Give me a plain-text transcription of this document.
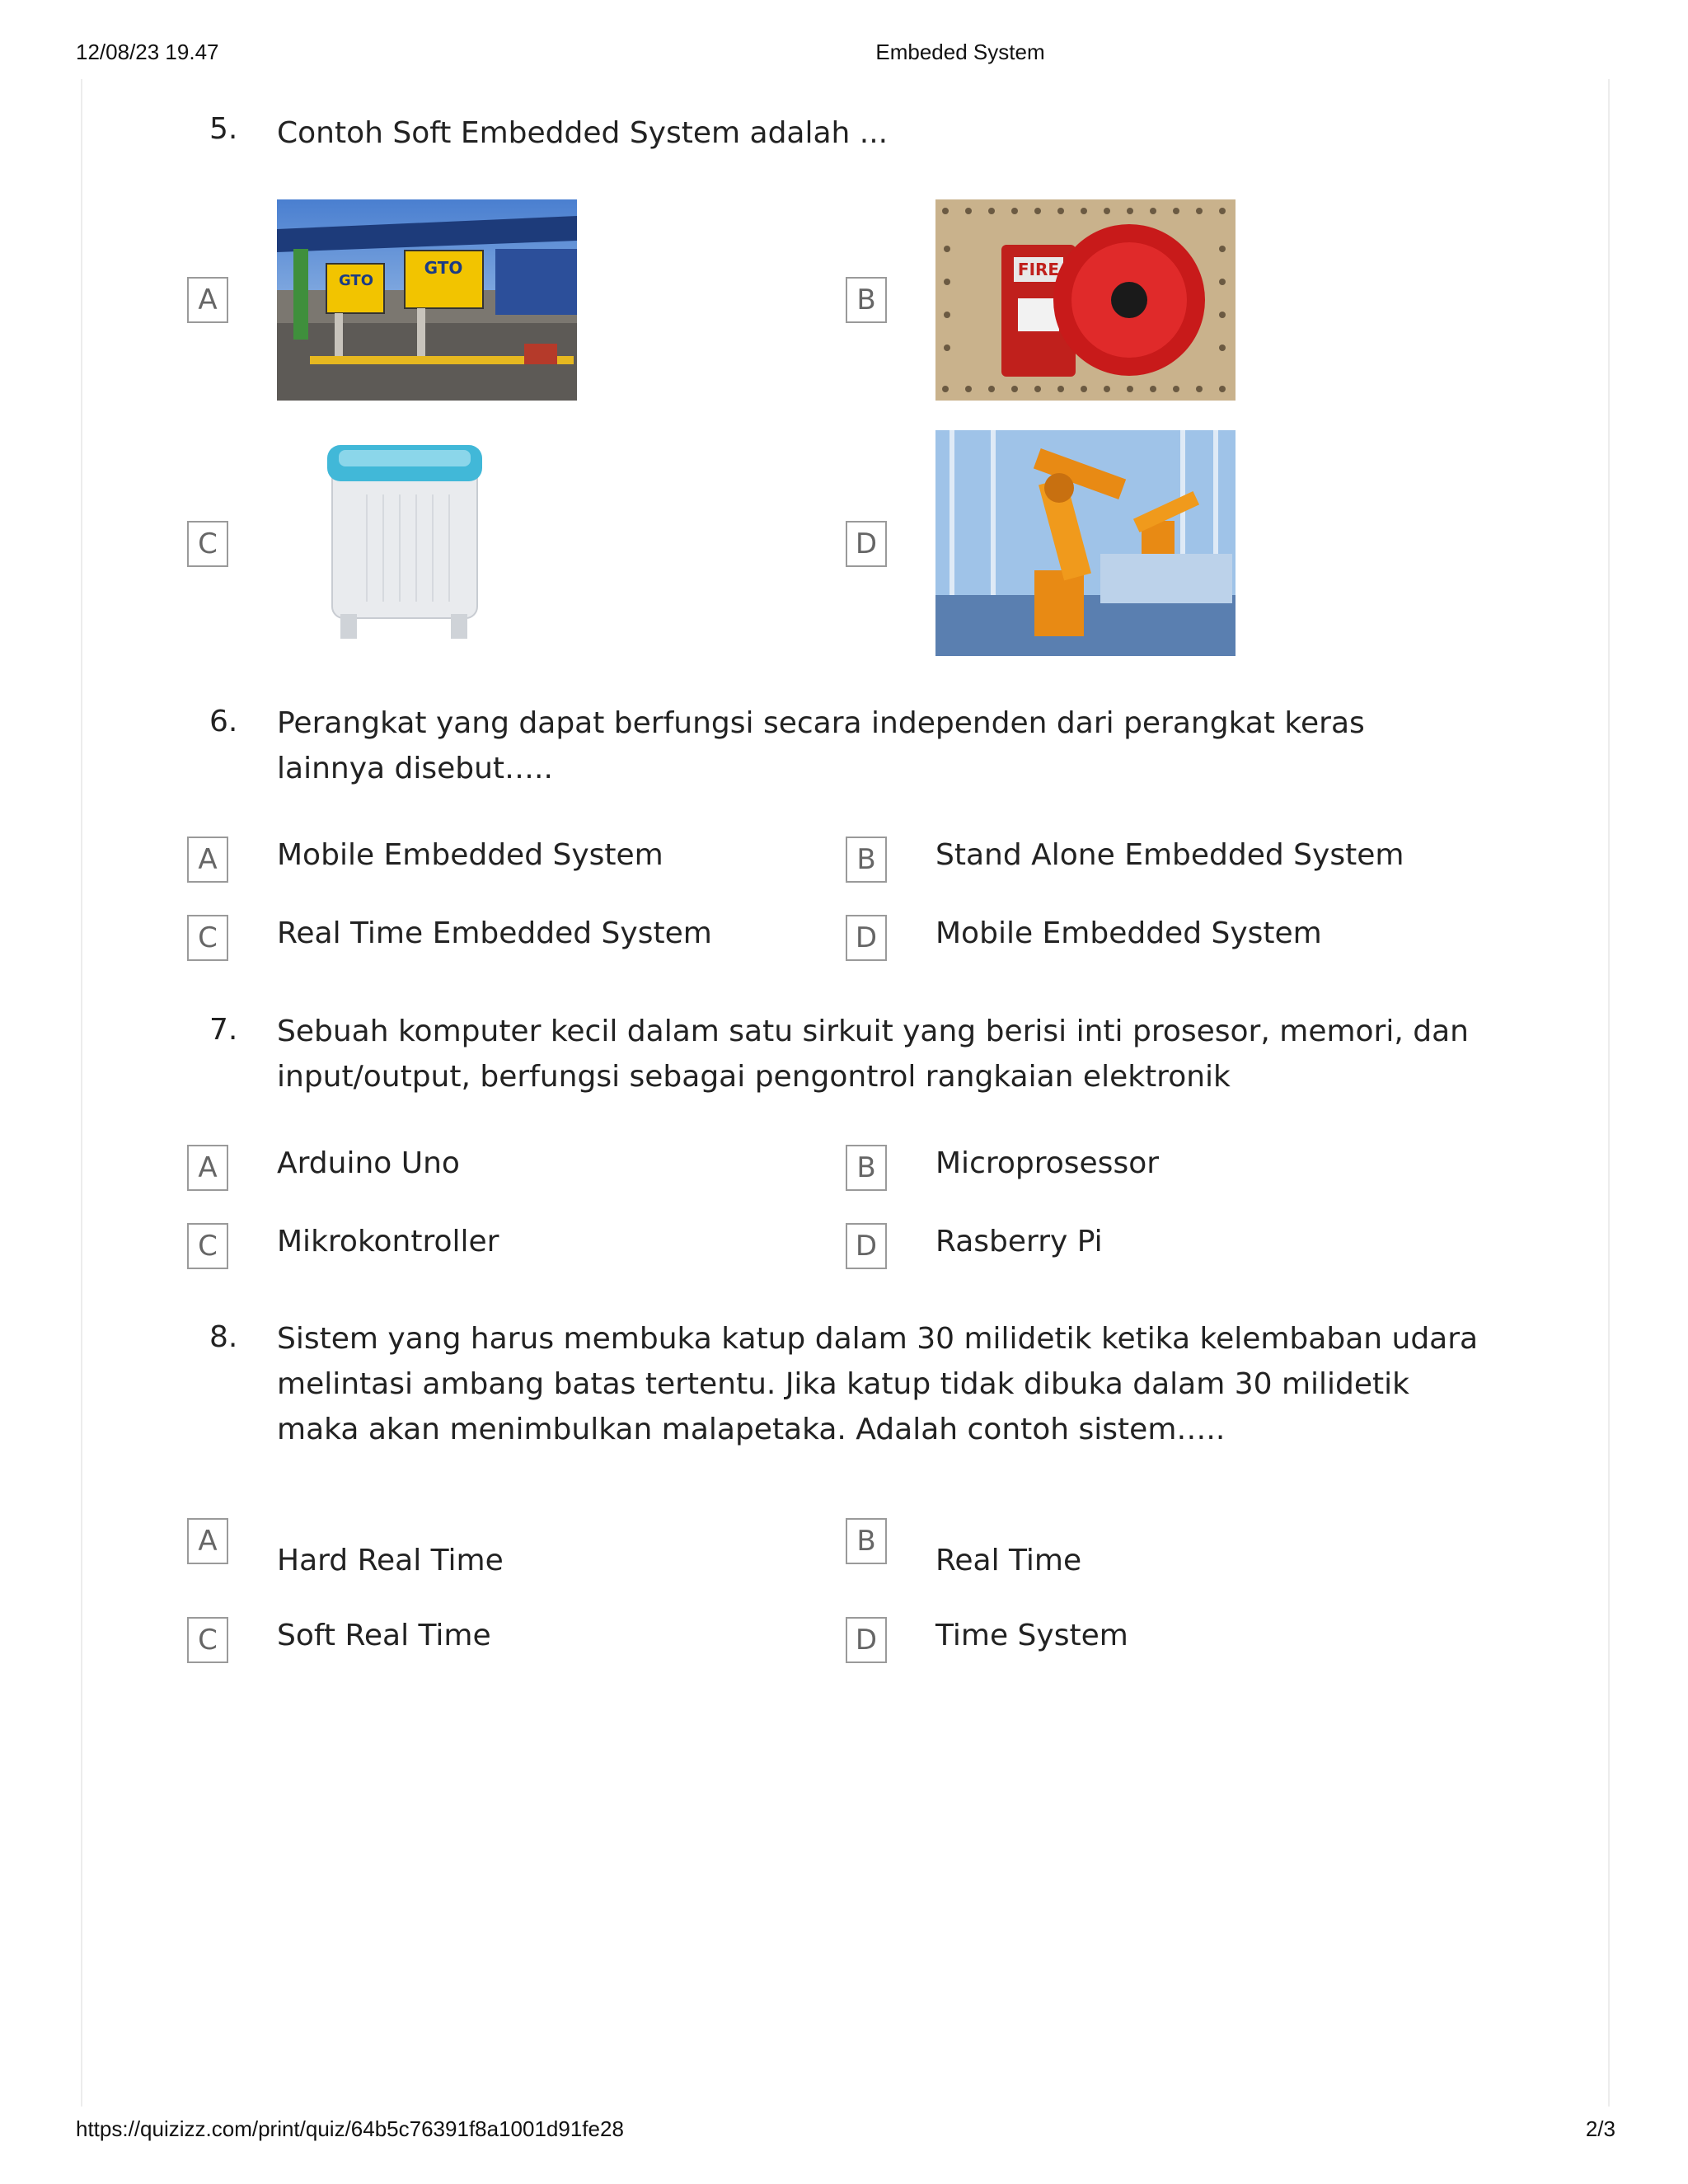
12/08/23 19.47	Embeded System
https://quizizz.com/print/quiz/64b5c76391f8a1001d91fe28	2/3
5. Contoh Soft Embedded System adalah ...
A
GTO
GTO
B
FIRE
C	D
6. Perangkat yang dapat berfungsi secara independen dari perangkat keras lainnya disebut…..
A	Mobile Embedded System	B	Stand Alone Embedded System
C	Real Time Embedded System	D	Mobile Embedded System
7. Sebuah komputer kecil dalam satu sirkuit yang berisi inti prosesor, memori, dan input/output, berfungsi sebagai pengontrol rangkaian elektronik
A	Arduino Uno	B	Microprosessor
C	Mikrokontroller	D	Rasberry Pi
8. Sistem yang harus membuka katup dalam 30 milidetik ketika kelembaban udara melintasi ambang batas tertentu. Jika katup tidak dibuka dalam 30 milidetik maka akan menimbulkan malapetaka. Adalah contoh sistem…..
A
Hard Real Time
B
Real Time
C	Soft Real Time	D	Time System
